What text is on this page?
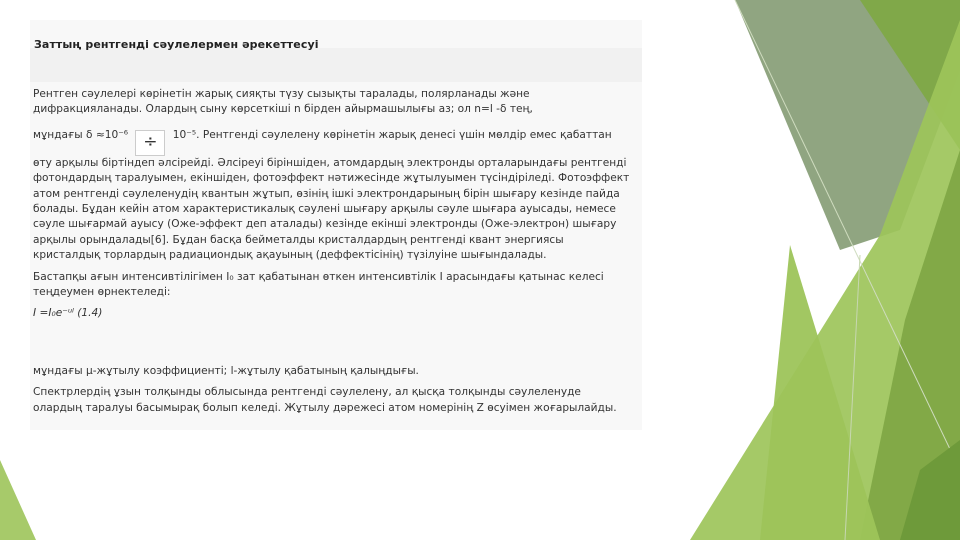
Заттың рентгенді сәулелермен әрекеттесуі

Рентген сәулелері көрінетін жарық сияқты түзу сызықты таралады, полярланады және дифракцияланады. Олардың сыну көрсеткіші n бірден айырмашылығы аз; ол n=l -δ тең,

мұндағы δ ≈10⁻⁶ ÷ 10⁻⁵. Рентгенді сәулелену көрінетін жарық денесі үшін мөлдір емес қабаттан өту арқылы біртіндеп әлсірейді. Әлсіреуі біріншіден, атомдардың электронды орталарындағы рентгенді фотондардың таралуымен, екіншіден, фотоэффект нәтижесінде жұтылуымен түсіндіріледі. Фотоэффект атом рентгенді сәулеленудің квантын жұтып, өзінің ішкі электрондарының бірін шығару кезінде пайда болады. Бұдан кейін атом характеристикалық сәулені шығару арқылы сәуле шығара ауысады, немесе сәуле шығармай ауысу (Оже-эффект деп аталады) кезінде екінші электронды (Оже-электрон) шығару арқылы орындалады[6]. Бұдан басқа бейметалды кристалдардың рентгенді квант энергиясы кристалдық торлардың радиациондық ақауының (деффектісінің) түзілуіне шығындалады.

Бастапқы ағын интенсивтілігімен I₀ зат қабатынан өткен интенсивтілік I арасындағы қатынас келесі теңдеумен өрнектеледі:

I =I₀e⁻ᵘˡ (1.4)

мұндағы μ-жұтылу коэффициенті; l-жұтылу қабатының қалыңдығы.

Спектрлердің ұзын толқынды облысында рентгенді сәулелену, ал қысқа толқынды сәулеленуде олардың таралуы басымырақ болып келеді. Жұтылу дәрежесі атом номерінің Z өсуімен жоғарылайды.
